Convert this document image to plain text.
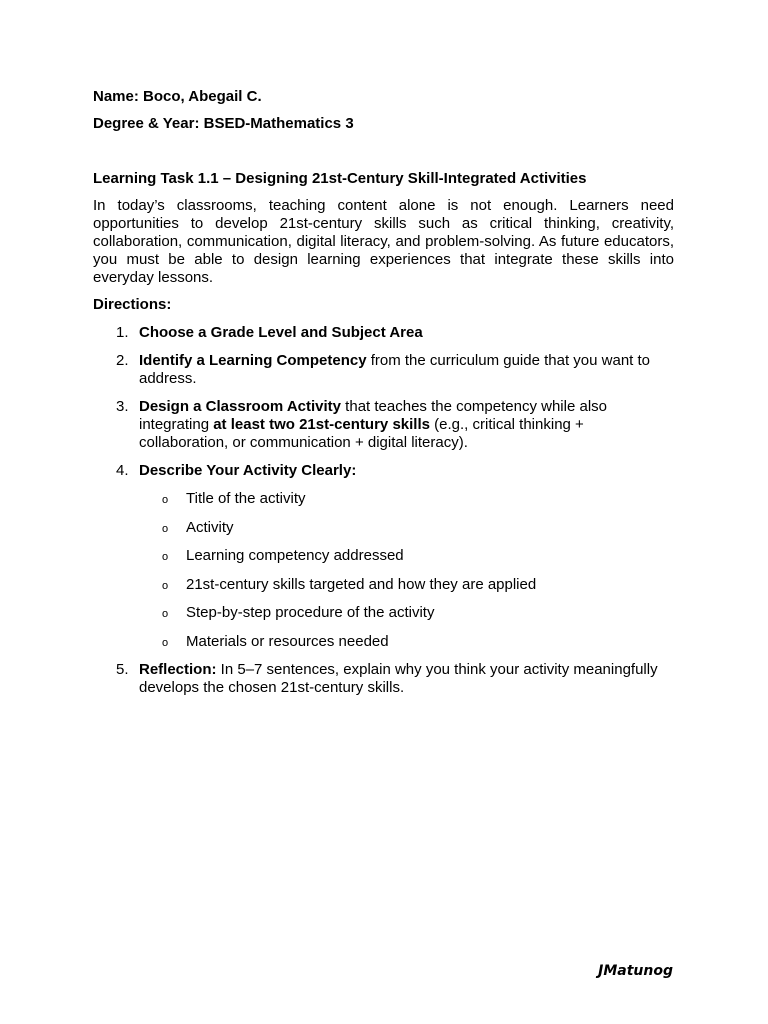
Name: Boco, Abegail C.

Degree & Year: BSED-Mathematics 3

Learning Task 1.1 – Designing 21st-Century Skill-Integrated Activities

In today’s classrooms, teaching content alone is not enough. Learners need opportunities to develop 21st-century skills such as critical thinking, creativity, collaboration, communication, digital literacy, and problem-solving. As future educators, you must be able to design learning experiences that integrate these skills into everyday lessons.

Directions:

1. Choose a Grade Level and Subject Area
2. Identify a Learning Competency from the curriculum guide that you want to address.
3. Design a Classroom Activity that teaches the competency while also integrating at least two 21st-century skills (e.g., critical thinking + collaboration, or communication + digital literacy).
4. Describe Your Activity Clearly:
o Title of the activity
o Activity
o Learning competency addressed
o 21st-century skills targeted and how they are applied
o Step-by-step procedure of the activity
o Materials or resources needed
5. Reflection: In 5–7 sentences, explain why you think your activity meaningfully develops the chosen 21st-century skills.
JMatunog
